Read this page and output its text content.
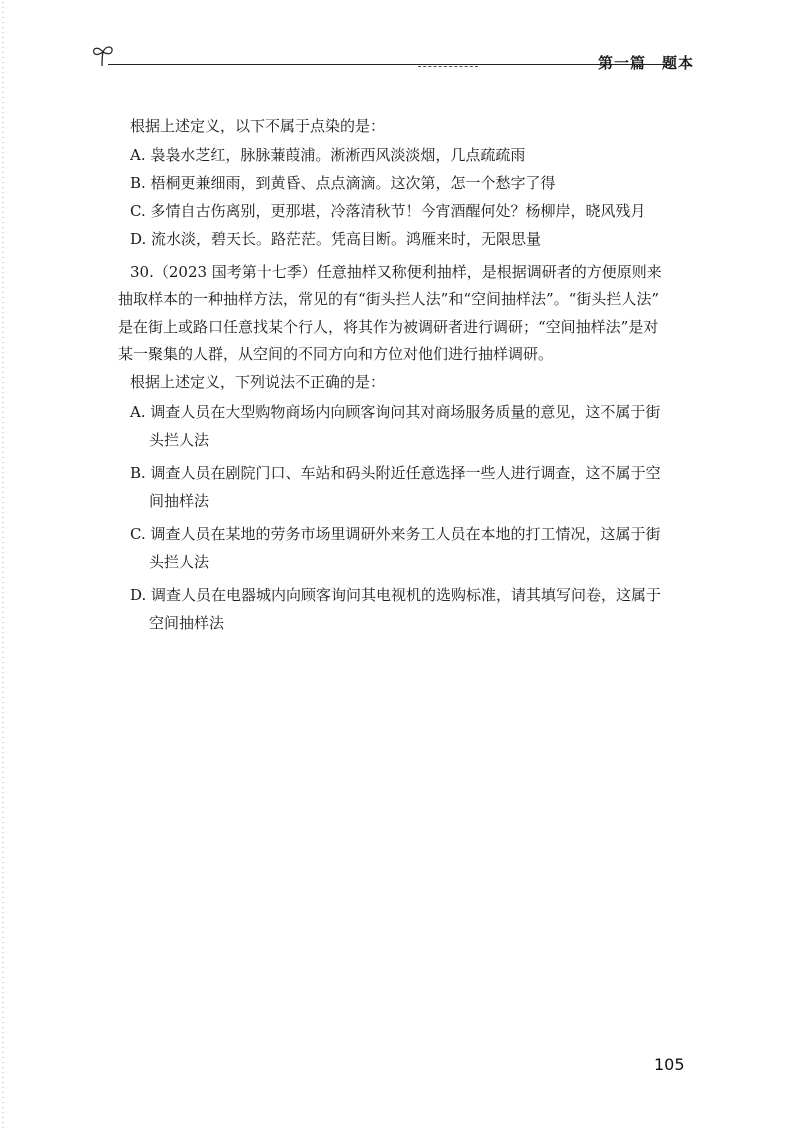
第一篇　题本

根据上述定义，以下不属于点染的是：

A. 袅袅水芝红，脉脉蒹葭浦。淅淅西风淡淡烟，几点疏疏雨

B. 梧桐更兼细雨，到黄昏、点点滴滴。这次第，怎一个愁字了得

C. 多情自古伤离别，更那堪，冷落清秋节！今宵酒醒何处？杨柳岸，晓风残月

D. 流水淡，碧天长。路茫茫。凭高目断。鸿雁来时，无限思量

30.（2023 国考第十七季）任意抽样又称便利抽样，是根据调研者的方便原则来

抽取样本的一种抽样方法，常见的有“街头拦人法”和“空间抽样法”。“街头拦人法”

是在街上或路口任意找某个行人，将其作为被调研者进行调研；“空间抽样法”是对

某一聚集的人群，从空间的不同方向和方位对他们进行抽样调研。

根据上述定义，下列说法不正确的是：

A. 调查人员在大型购物商场内向顾客询问其对商场服务质量的意见，这不属于街

头拦人法

B. 调查人员在剧院门口、车站和码头附近任意选择一些人进行调查，这不属于空

间抽样法

C. 调查人员在某地的劳务市场里调研外来务工人员在本地的打工情况，这属于街

头拦人法

D. 调查人员在电器城内向顾客询问其电视机的选购标准，请其填写问卷，这属于

空间抽样法

105
